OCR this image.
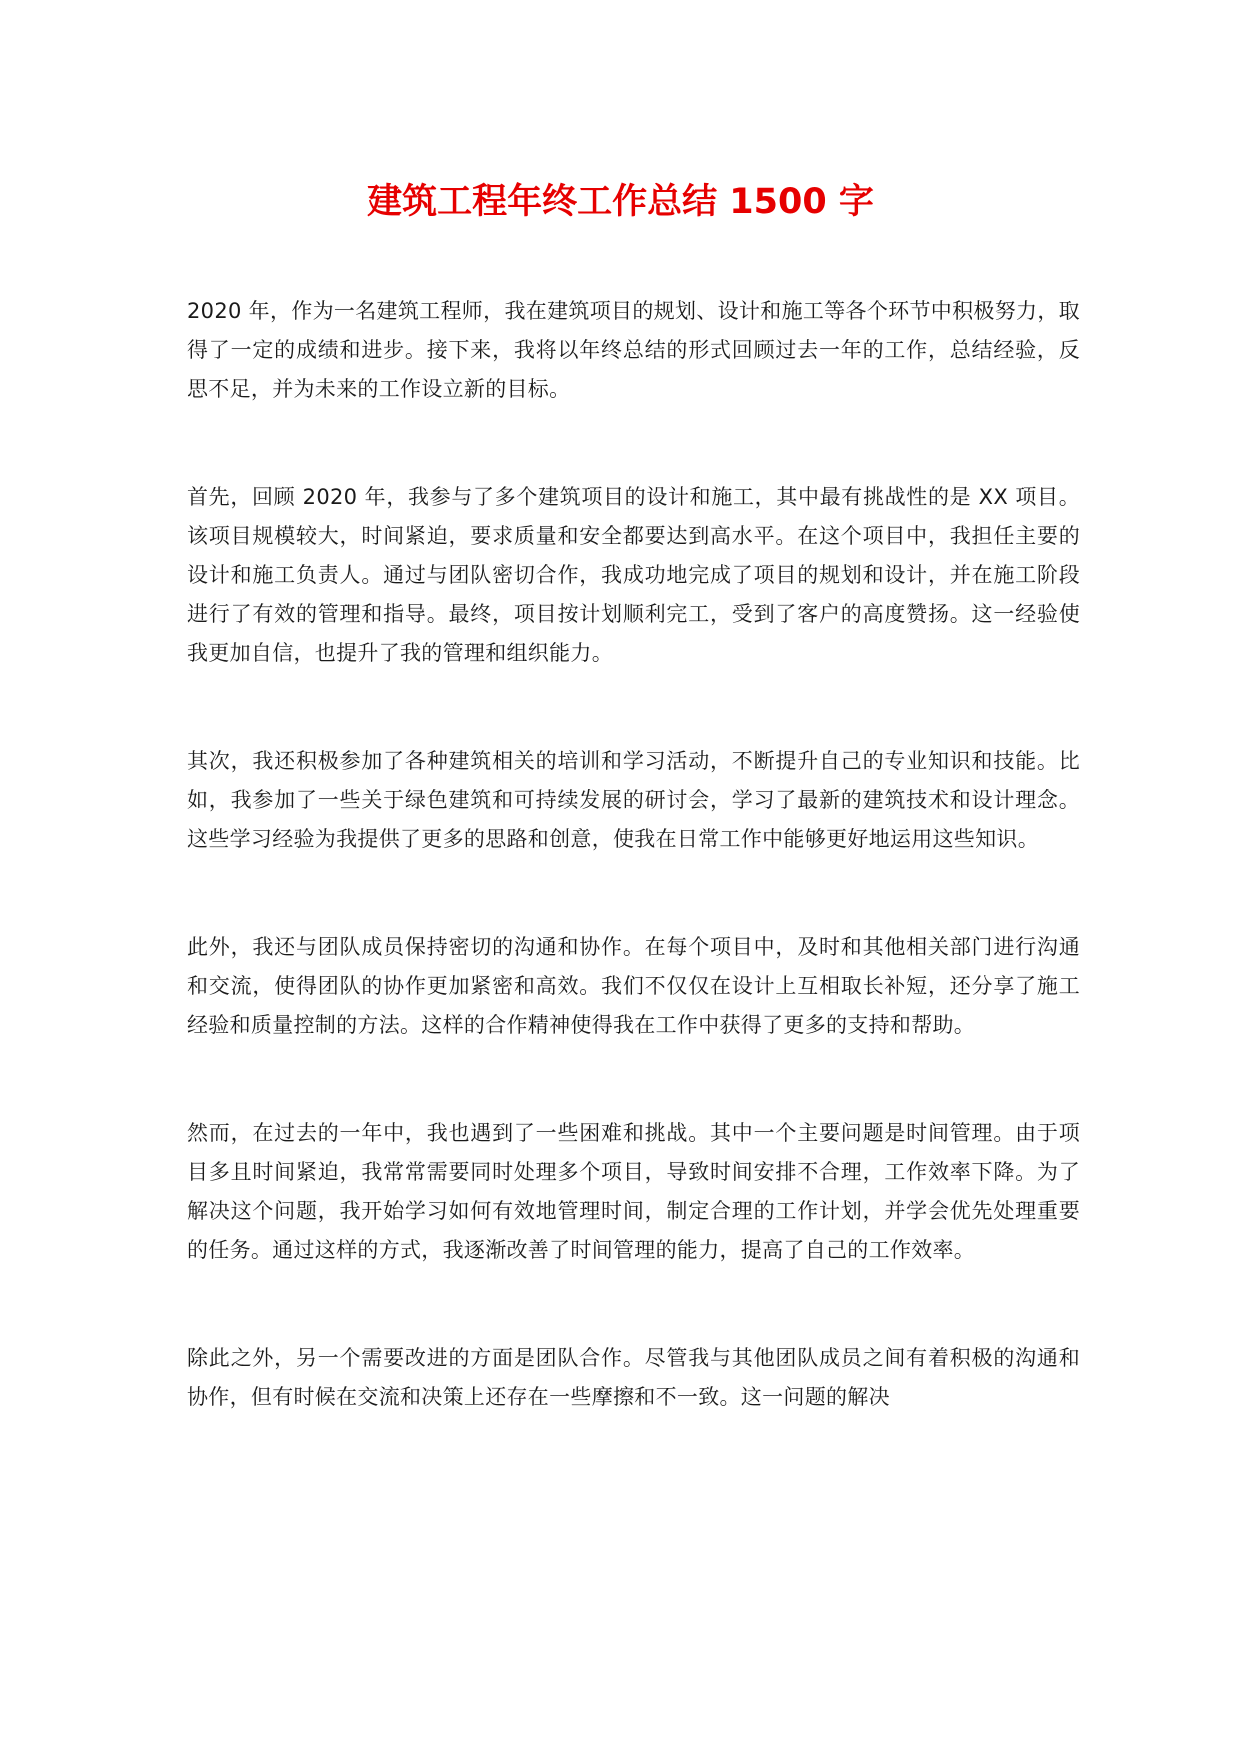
建筑工程年终工作总结 1500 字

2020 年，作为一名建筑工程师，我在建筑项目的规划、设计和施工等各个环节中积极努力，取得了一定的成绩和进步。接下来，我将以年终总结的形式回顾过去一年的工作，总结经验，反思不足，并为未来的工作设立新的目标。

首先，回顾 2020 年，我参与了多个建筑项目的设计和施工，其中最有挑战性的是 XX 项目。该项目规模较大，时间紧迫，要求质量和安全都要达到高水平。在这个项目中，我担任主要的设计和施工负责人。通过与团队密切合作，我成功地完成了项目的规划和设计，并在施工阶段进行了有效的管理和指导。最终，项目按计划顺利完工，受到了客户的高度赞扬。这一经验使我更加自信，也提升了我的管理和组织能力。

其次，我还积极参加了各种建筑相关的培训和学习活动，不断提升自己的专业知识和技能。比如，我参加了一些关于绿色建筑和可持续发展的研讨会，学习了最新的建筑技术和设计理念。这些学习经验为我提供了更多的思路和创意，使我在日常工作中能够更好地运用这些知识。

此外，我还与团队成员保持密切的沟通和协作。在每个项目中，及时和其他相关部门进行沟通和交流，使得团队的协作更加紧密和高效。我们不仅仅在设计上互相取长补短，还分享了施工经验和质量控制的方法。这样的合作精神使得我在工作中获得了更多的支持和帮助。

然而，在过去的一年中，我也遇到了一些困难和挑战。其中一个主要问题是时间管理。由于项目多且时间紧迫，我常常需要同时处理多个项目，导致时间安排不合理，工作效率下降。为了解决这个问题，我开始学习如何有效地管理时间，制定合理的工作计划，并学会优先处理重要的任务。通过这样的方式，我逐渐改善了时间管理的能力，提高了自己的工作效率。

除此之外，另一个需要改进的方面是团队合作。尽管我与其他团队成员之间有着积极的沟通和协作，但有时候在交流和决策上还存在一些摩擦和不一致。这一问题的解决
